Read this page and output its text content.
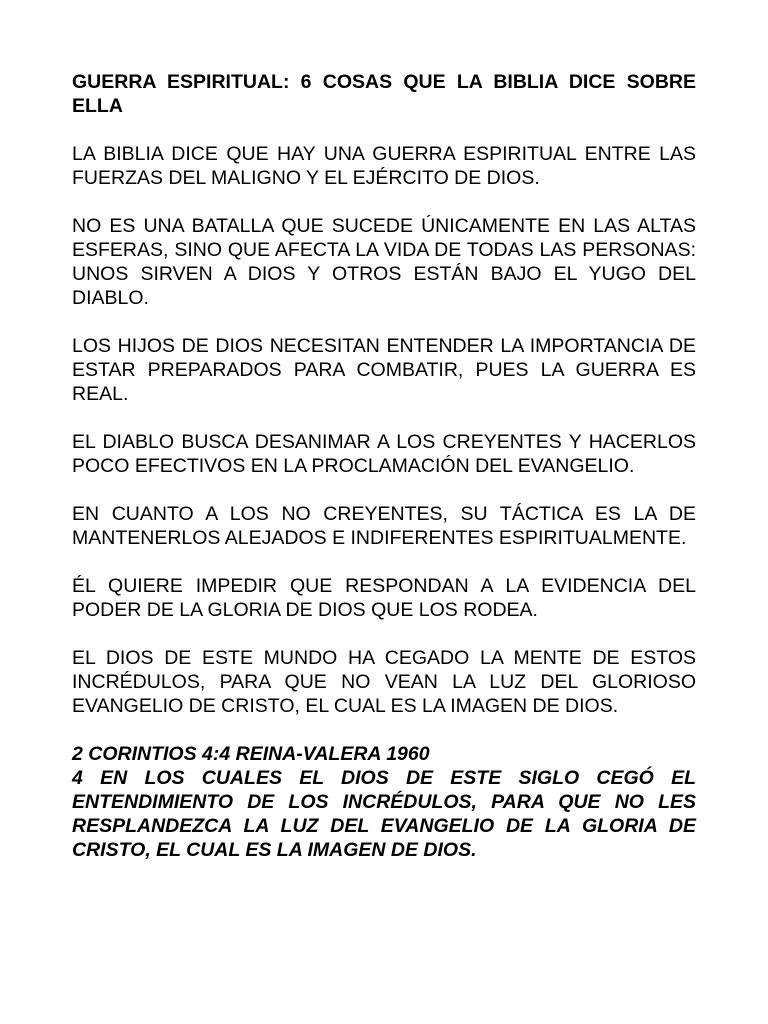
GUERRA ESPIRITUAL: 6 COSAS QUE LA BIBLIA DICE SOBRE ELLA

LA BIBLIA DICE QUE HAY UNA GUERRA ESPIRITUAL ENTRE LAS FUERZAS DEL MALIGNO Y EL EJÉRCITO DE DIOS.

NO ES UNA BATALLA QUE SUCEDE ÚNICAMENTE EN LAS ALTAS ESFERAS, SINO QUE AFECTA LA VIDA DE TODAS LAS PERSONAS: UNOS SIRVEN A DIOS Y OTROS ESTÁN BAJO EL YUGO DEL DIABLO.

LOS HIJOS DE DIOS NECESITAN ENTENDER LA IMPORTANCIA DE ESTAR PREPARADOS PARA COMBATIR, PUES LA GUERRA ES REAL.

EL DIABLO BUSCA DESANIMAR A LOS CREYENTES Y HACERLOS POCO EFECTIVOS EN LA PROCLAMACIÓN DEL EVANGELIO.

EN CUANTO A LOS NO CREYENTES, SU TÁCTICA ES LA DE MANTENERLOS ALEJADOS E INDIFERENTES ESPIRITUALMENTE.

ÉL QUIERE IMPEDIR QUE RESPONDAN A LA EVIDENCIA DEL PODER DE LA GLORIA DE DIOS QUE LOS RODEA.

EL DIOS DE ESTE MUNDO HA CEGADO LA MENTE DE ESTOS INCRÉDULOS, PARA QUE NO VEAN LA LUZ DEL GLORIOSO EVANGELIO DE CRISTO, EL CUAL ES LA IMAGEN DE DIOS.

2 CORINTIOS 4:4 REINA-VALERA 1960

4 EN LOS CUALES EL DIOS DE ESTE SIGLO CEGÓ EL ENTENDIMIENTO DE LOS INCRÉDULOS, PARA QUE NO LES RESPLANDEZCA LA LUZ DEL EVANGELIO DE LA GLORIA DE CRISTO, EL CUAL ES LA IMAGEN DE DIOS.
